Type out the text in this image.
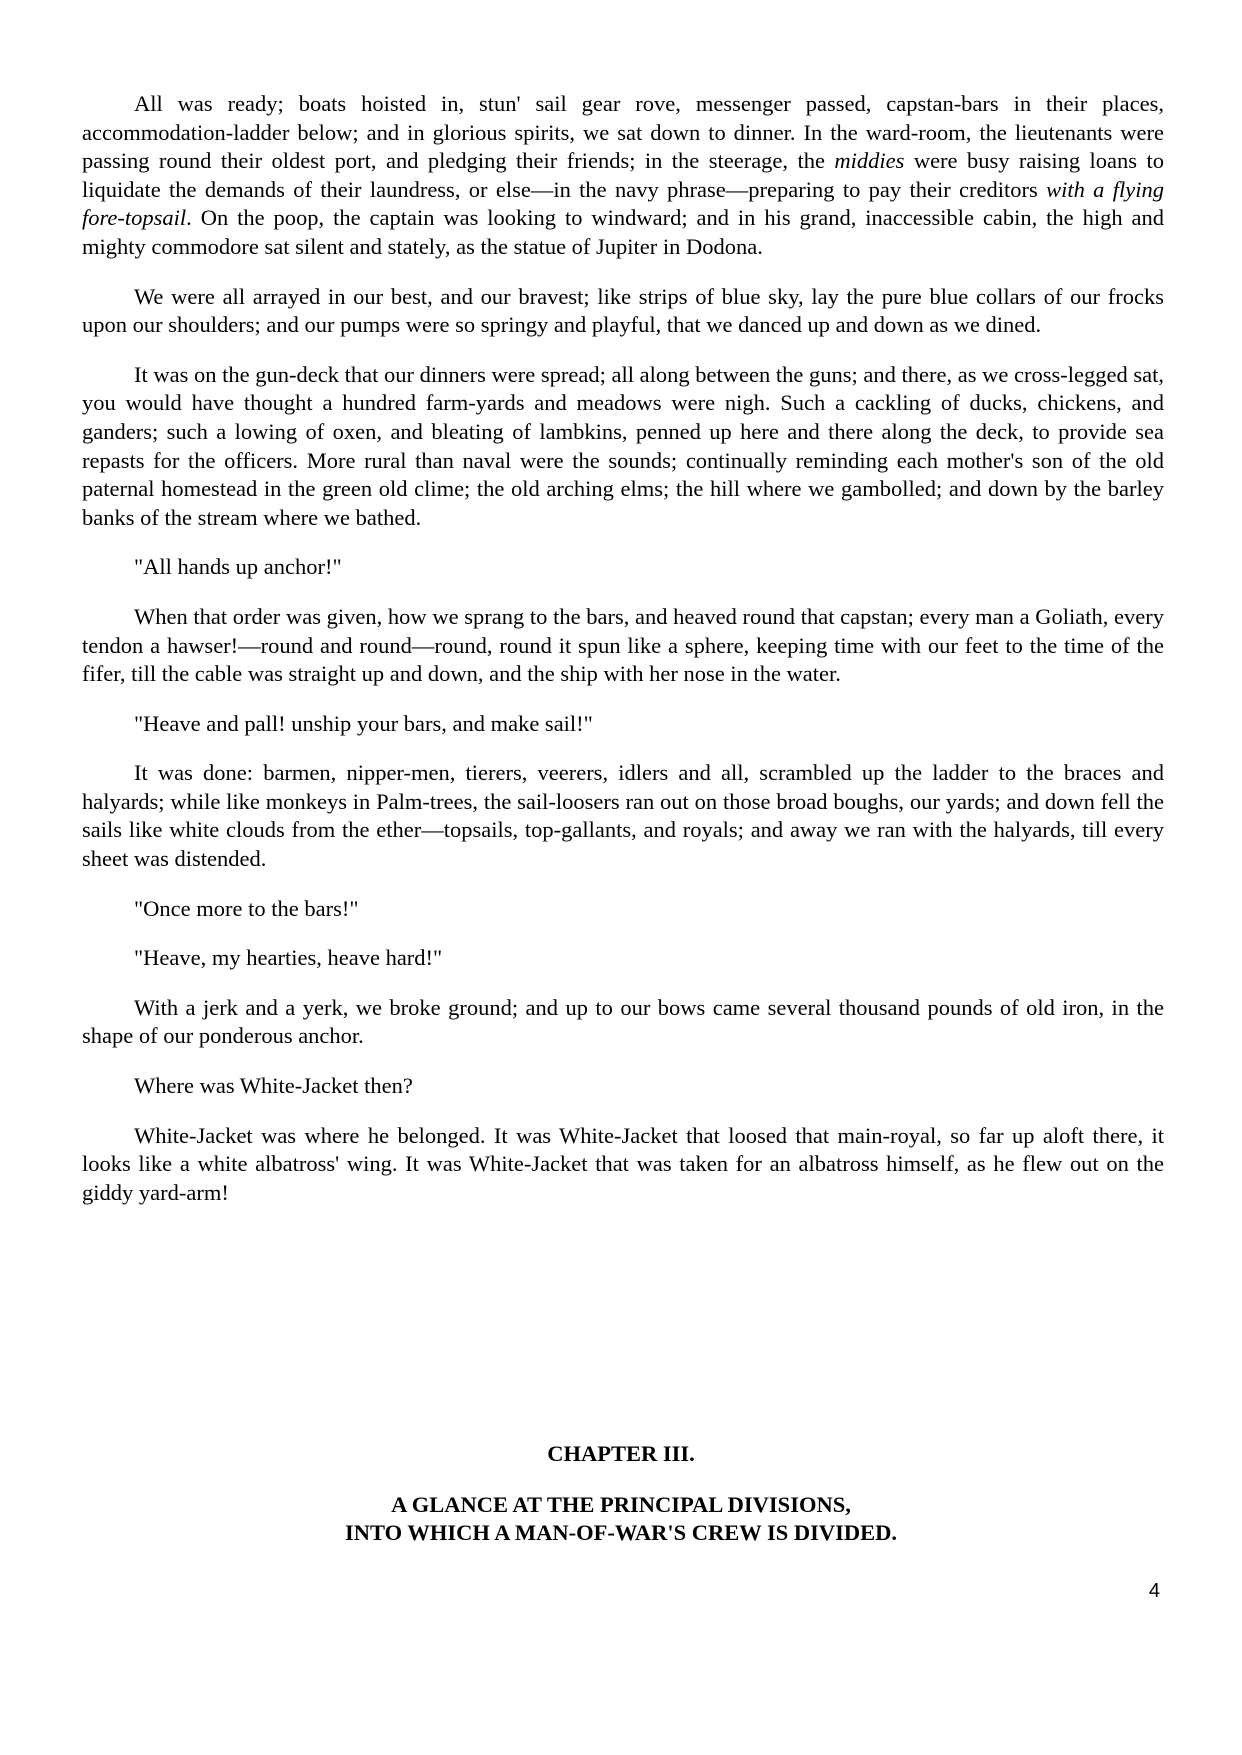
All was ready; boats hoisted in, stun' sail gear rove, messenger passed, capstan-bars in their places, accommodation-ladder below; and in glorious spirits, we sat down to dinner. In the ward-room, the lieutenants were passing round their oldest port, and pledging their friends; in the steerage, the middies were busy raising loans to liquidate the demands of their laundress, or else—in the navy phrase—preparing to pay their creditors with a flying fore-topsail. On the poop, the captain was looking to windward; and in his grand, inaccessible cabin, the high and mighty commodore sat silent and stately, as the statue of Jupiter in Dodona.

We were all arrayed in our best, and our bravest; like strips of blue sky, lay the pure blue collars of our frocks upon our shoulders; and our pumps were so springy and playful, that we danced up and down as we dined.

It was on the gun-deck that our dinners were spread; all along between the guns; and there, as we cross-legged sat, you would have thought a hundred farm-yards and meadows were nigh. Such a cackling of ducks, chickens, and ganders; such a lowing of oxen, and bleating of lambkins, penned up here and there along the deck, to provide sea repasts for the officers. More rural than naval were the sounds; continually reminding each mother's son of the old paternal homestead in the green old clime; the old arching elms; the hill where we gambolled; and down by the barley banks of the stream where we bathed.

"All hands up anchor!"

When that order was given, how we sprang to the bars, and heaved round that capstan; every man a Goliath, every tendon a hawser!—round and round—round, round it spun like a sphere, keeping time with our feet to the time of the fifer, till the cable was straight up and down, and the ship with her nose in the water.

"Heave and pall! unship your bars, and make sail!"

It was done: barmen, nipper-men, tierers, veerers, idlers and all, scrambled up the ladder to the braces and halyards; while like monkeys in Palm-trees, the sail-loosers ran out on those broad boughs, our yards; and down fell the sails like white clouds from the ether—topsails, top-gallants, and royals; and away we ran with the halyards, till every sheet was distended.

"Once more to the bars!"

"Heave, my hearties, heave hard!"

With a jerk and a yerk, we broke ground; and up to our bows came several thousand pounds of old iron, in the shape of our ponderous anchor.

Where was White-Jacket then?

White-Jacket was where he belonged. It was White-Jacket that loosed that main-royal, so far up aloft there, it looks like a white albatross' wing. It was White-Jacket that was taken for an albatross himself, as he flew out on the giddy yard-arm!

CHAPTER III.
A GLANCE AT THE PRINCIPAL DIVISIONS,
INTO WHICH A MAN-OF-WAR'S CREW IS DIVIDED.
4
